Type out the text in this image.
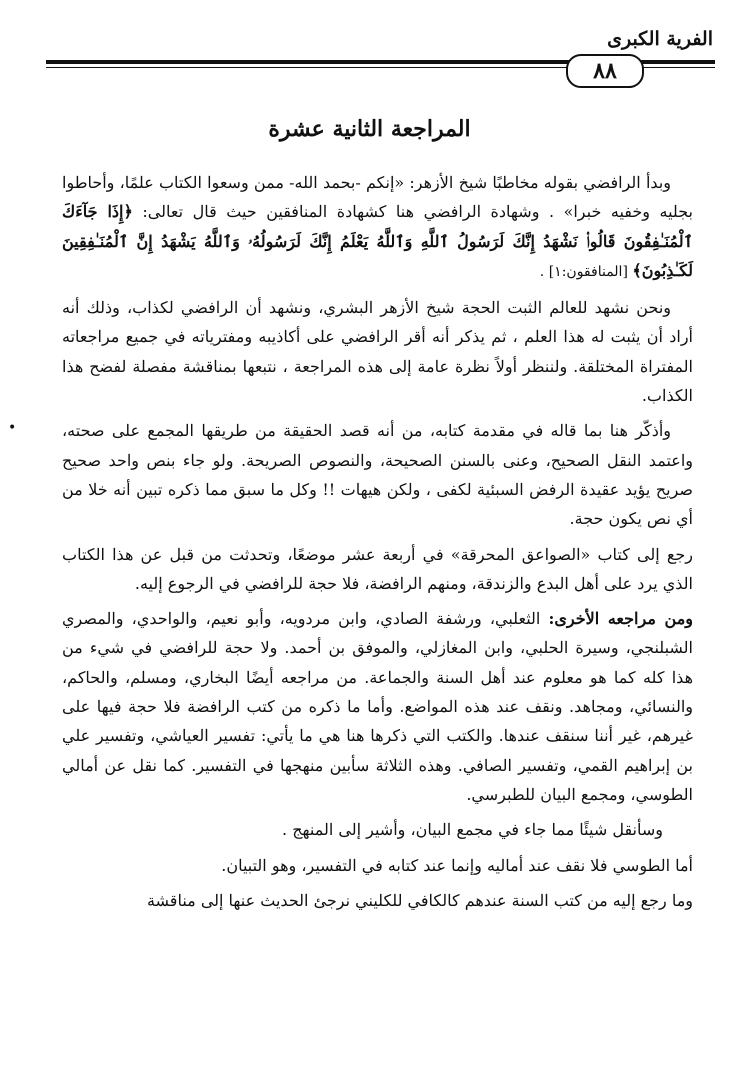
الفرية الكبرى
٨٨
المراجعة الثانية عشرة

وبدأ الرافضي بقوله مخاطبًا شيخ الأزهر: «إنكم -بحمد الله- ممن وسعوا الكتاب علمًا، وأحاطوا بجليه وخفيه خبرا» . وشهادة الرافضي هنا كشهادة المنافقين حيث قال تعالى: ﴿إِذَا جَآءَكَ ٱلْمُنَـٰفِقُونَ قَالُوا۟ نَشْهَدُ إِنَّكَ لَرَسُولُ ٱللَّهِ وَٱللَّهُ يَعْلَمُ إِنَّكَ لَرَسُولُهُۥ وَٱللَّهُ يَشْهَدُ إِنَّ ٱلْمُنَـٰفِقِينَ لَكَـٰذِبُونَ﴾ [المنافقون:١] .

ونحن نشهد للعالم الثبت الحجة شيخ الأزهر البشري، ونشهد أن الرافضي لكذاب، وذلك أنه أراد أن يثبت له هذا العلم ، ثم يذكر أنه أقر الرافضي على أكاذيبه ومفترياته في جميع مراجعاته المفتراة المختلقة. ولننظر أولاً نظرة عامة إلى هذه المراجعة ، نتبعها بمناقشة مفصلة لفضح هذا الكذاب.

وأذكّر هنا بما قاله في مقدمة كتابه، من أنه قصد الحقيقة من طريقها المجمع على صحته، واعتمد النقل الصحيح، وعنى بالسنن الصحيحة، والنصوص الصريحة. ولو جاء بنص واحد صحيح صريح يؤيد عقيدة الرفض السبئية لكفى ، ولكن هيهات !! وكل ما سبق مما ذكره تبين أنه خلا من أي نص يكون حجة.

رجع إلى كتاب «الصواعق المحرقة» في أربعة عشر موضعًا، وتحدثت من قبل عن هذا الكتاب الذي يرد على أهل البدع والزندقة، ومنهم الرافضة، فلا حجة للرافضي في الرجوع إليه.

ومن مراجعه الأخرى: الثعلبي، ورشفة الصادي، وابن مردويه، وأبو نعيم، والواحدي، والمصري الشبلنجي، وسيرة الحلبي، وابن المغازلي، والموفق بن أحمد. ولا حجة للرافضي في شيء من هذا كله كما هو معلوم عند أهل السنة والجماعة. من مراجعه أيضًا البخاري، ومسلم، والحاكم، والنسائي، ومجاهد. ونقف عند هذه المواضع. وأما ما ذكره من كتب الرافضة فلا حجة فيها على غيرهم، غير أننا سنقف عندها. والكتب التي ذكرها هنا هي ما يأتي: تفسير العياشي، وتفسير علي بن إبراهيم القمي، وتفسير الصافي. وهذه الثلاثة سأبين منهجها في التفسير. كما نقل عن أمالي الطوسي، ومجمع البيان للطبرسي.

وسأنقل شيئًا مما جاء في مجمع البيان، وأشير إلى المنهج .

أما الطوسي فلا نقف عند أماليه وإنما عند كتابه في التفسير، وهو التبيان.

وما رجع إليه من كتب السنة عندهم كالكافي للكليني نرجئ الحديث عنها إلى مناقشة

•
